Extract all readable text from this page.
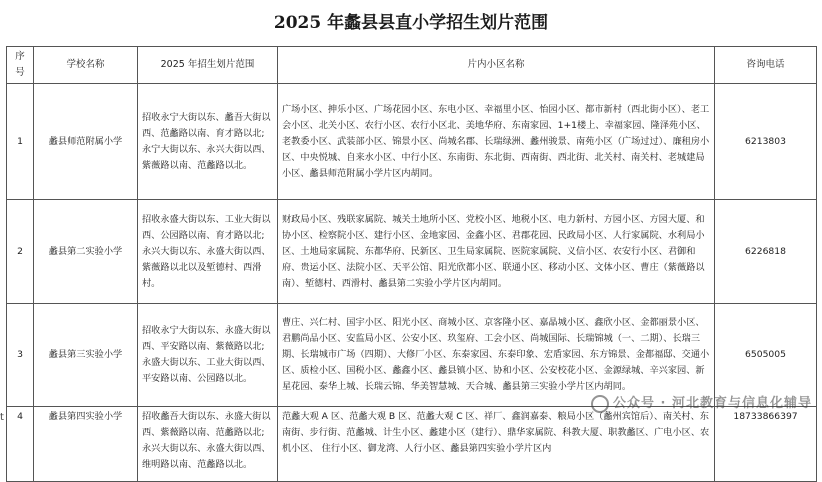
2025 年蠡县县直小学招生划片范围
序号	学校名称	2025 年招生划片范围	片内小区名称	咨询电话
1	蠡县师范附属小学	招收永宁大街以东、蠡吾大街以西、范蠡路以南、育才路以北;永宁大街以东、永兴大街以西、紫薇路以南、范蠡路以北。	广场小区、抻乐小区、广场花园小区、东电小区、幸福里小区、怡园小区、都市新村（西北街小区）、老工会小区、北关小区、农行小区、农行小区北、美地华府、东南家园、1+1楼上、幸福家园、隆泽苑小区、老教委小区、武装部小区、锦景小区、尚城名郡、长瑞绿洲、蠡州骏景、南苑小区（广场过过）、廉租房小区、中央悦城、自来水小区、中行小区、东南街、东北街、西南街、西北街、北关村、南关村、老城建局小区、蠡县师范附属小学片区内胡同。	6213803
2	蠡县第二实验小学	招收永盛大街以东、工业大街以西、公园路以南、育才路以北;永兴大街以东、永盛大街以西、紫薇路以北以及堑德村、西滑村。	财政局小区、残联家属院、城关土地所小区、党校小区、地税小区、电力新村、方园小区、方园大厦、和协小区、检察院小区、建行小区、金地家园、金鑫小区、君郡花园、民政局小区、人行家属院、水利局小区、土地局家属院、东都华府、民新区、卫生局家属院、医院家属院、义信小区、农安行小区、君御和府、贵运小区、法院小区、天平公馆、阳光欣都小区、联通小区、移动小区、文体小区、曹庄（紫薇路以南）、堑德村、西滑村、蠡县第二实验小学片区内胡同。	6226818
3	蠡县第三实验小学	招收永宁大街以东、永盛大街以西、平安路以南、紫薇路以北;永盛大街以东、工业大街以西、平安路以南、公园路以北。	曹庄、兴仁村、国宇小区、阳光小区、商城小区、京客隆小区、嘉晶城小区、鑫欣小区、金都丽景小区、君鹏尚品小区、安监局小区、公安小区、玖玺府、工会小区、尚城国际、长瑞锦城（一、二期）、长瑞三期、长瑞城市广场（四期）、大修厂小区、东泰家园、东泰印象、宏盾家园、东方锦景、金都福邸、交通小区、质检小区、国税小区、蠡鑫小区、蠡县镇小区、协和小区、公安校花小区、金源绿城、辛兴家园、新星花园、泰华上城、长瑞云锦、华美智慧城、天合城、蠡县第三实验小学片区内胡同。	6505005
4	蠡县第四实验小学	招收蠡吾大街以东、永盛大街以西、紫薇路以南、范蠡路以北;永兴大街以东、永盛大街以西、维明路以南、范蠡路以北。	范蠡大观 A 区、范蠡大观 B 区、范蠡大观 C 区、祥厂、鑫润嘉泰、粮局小区（蠡州宾馆后）、南关村、东南街、步行街、范蠡城、计生小区、蠡建小区（建行）、鼎华家属院、科教大厦、职教蠡区、广电小区、农机小区、 住行小区、御龙湾、人行小区、蠡县第四实验小学片区内	18733866397
公众号 · 河北教育与信息化辅导
t
